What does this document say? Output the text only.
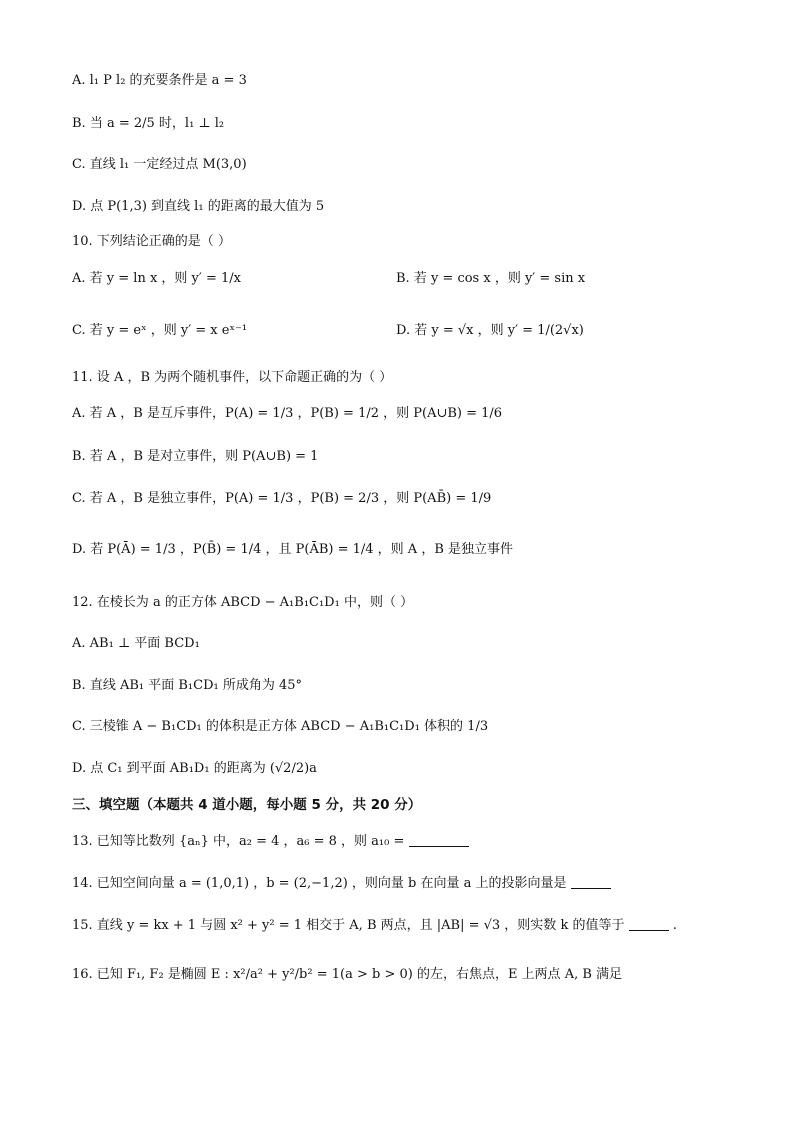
A. l₁ P l₂ 的充要条件是 a = 3
B. 当 a = 2/5 时，l₁ ⊥ l₂
C. 直线 l₁ 一定经过点 M(3,0)
D. 点 P(1,3) 到直线 l₁ 的距离的最大值为 5
10. 下列结论正确的是（ ）
A. 若 y = ln x ，则 y′ = 1/x	B. 若 y = cos x ，则 y′ = sin x
C. 若 y = eˣ ，则 y′ = x eˣ⁻¹	D. 若 y = √x ，则 y′ = 1/(2√x)
11. 设 A ，B 为两个随机事件，以下命题正确的为（ ）
A. 若 A ，B 是互斥事件，P(A) = 1/3 ，P(B) = 1/2 ，则 P(A∪B) = 1/6
B. 若 A ，B 是对立事件，则 P(A∪B) = 1
C. 若 A ，B 是独立事件，P(A) = 1/3 ，P(B) = 2/3 ，则 P(AB̄) = 1/9
D. 若 P(Ā) = 1/3 ，P(B̄) = 1/4 ，且 P(ĀB) = 1/4 ，则 A ，B 是独立事件
12. 在棱长为 a 的正方体 ABCD − A₁B₁C₁D₁ 中，则（ ）
A. AB₁ ⊥ 平面 BCD₁
B. 直线 AB₁ 平面 B₁CD₁ 所成角为 45°
C. 三棱锥 A − B₁CD₁ 的体积是正方体 ABCD − A₁B₁C₁D₁ 体积的 1/3
D. 点 C₁ 到平面 AB₁D₁ 的距离为 (√2/2)a
三、填空题（本题共 4 道小题，每小题 5 分，共 20 分）
13. 已知等比数列 {aₙ} 中，a₂ = 4 ，a₆ = 8 ，则 a₁₀ =
14. 已知空间向量 a = (1,0,1) ，b = (2,−1,2) ，则向量 b 在向量 a 上的投影向量是
15. 直线 y = kx + 1 与圆 x² + y² = 1 相交于 A, B 两点，且 |AB| = √3 ，则实数 k 的值等于	.
16. 已知 F₁, F₂ 是椭圆 E : x²/a² + y²/b² = 1(a > b > 0) 的左，右焦点，E 上两点 A, B 满足
